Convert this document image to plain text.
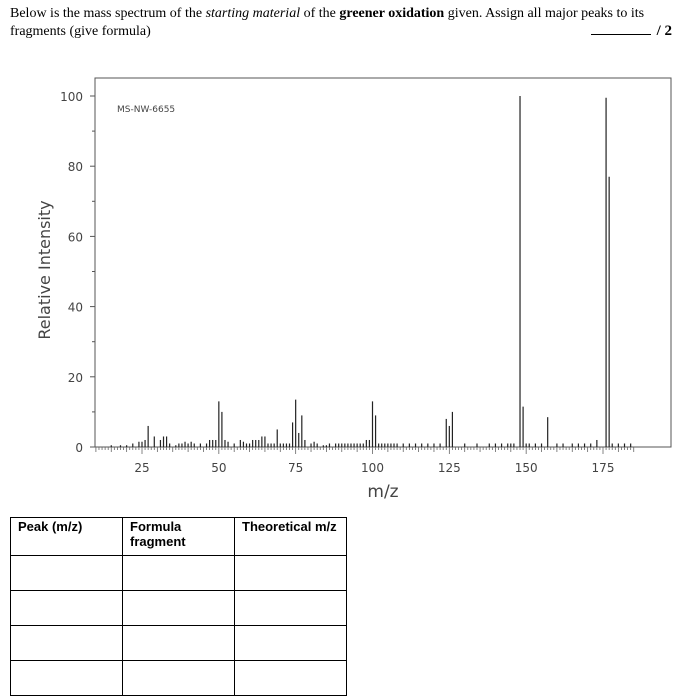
Below is the mass spectrum of the starting material of the greener oxidation given. Assign all major peaks to its fragments (give formula)	/ 2
MS-NW-6655
m/z
Relative Intensity
0
20
40
60
80
100
25	50	75	100	125	150	175
Peak (m/z)	Formula fragment	Theoretical m/z
